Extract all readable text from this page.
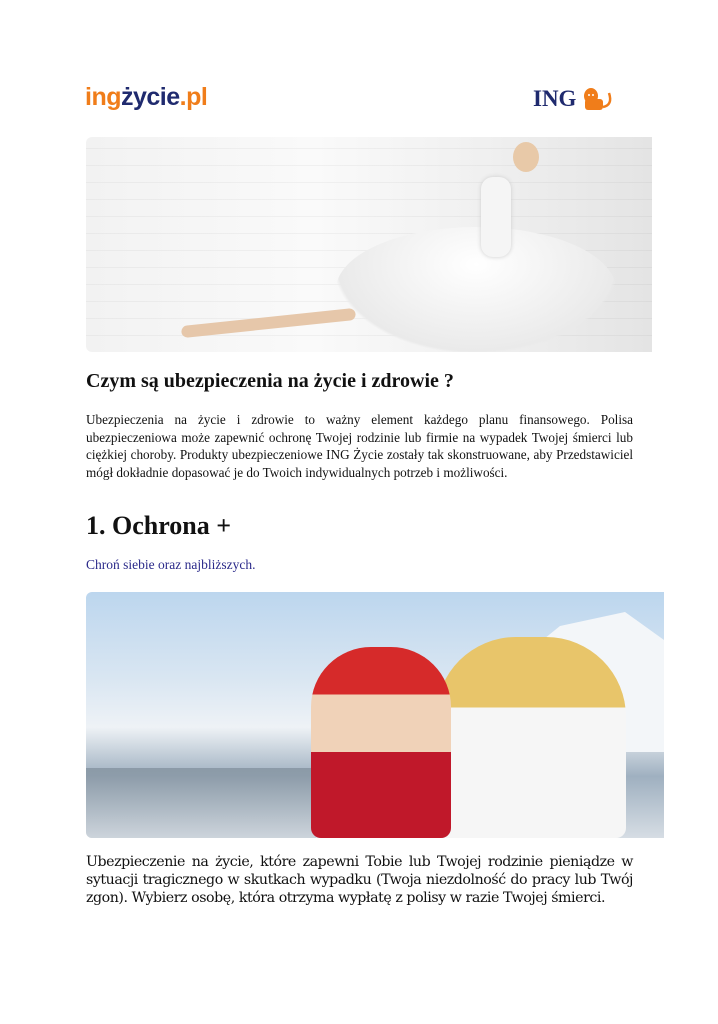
ingżycie.pl	ING
Czym są ubezpieczenia na życie i zdrowie ?

Ubezpieczenia na życie i zdrowie to ważny element każdego planu finansowego. Polisa ubezpieczeniowa może zapewnić ochronę Twojej rodzinie lub firmie na wypadek Twojej śmierci lub ciężkiej choroby. Produkty ubezpieczeniowe ING Życie zostały tak skonstruowane, aby Przedstawiciel mógł dokładnie dopasować je do Twoich indywidualnych potrzeb i możliwości.

1. Ochrona +
Chroń siebie oraz najbliższych.

Ubezpieczenie na życie, które zapewni Tobie lub Twojej rodzinie pieniądze w sytuacji tragicznego w skutkach wypadku (Twoja niezdolność do pracy lub Twój zgon). Wybierz osobę, która otrzyma wypłatę z polisy w razie Twojej śmierci.
